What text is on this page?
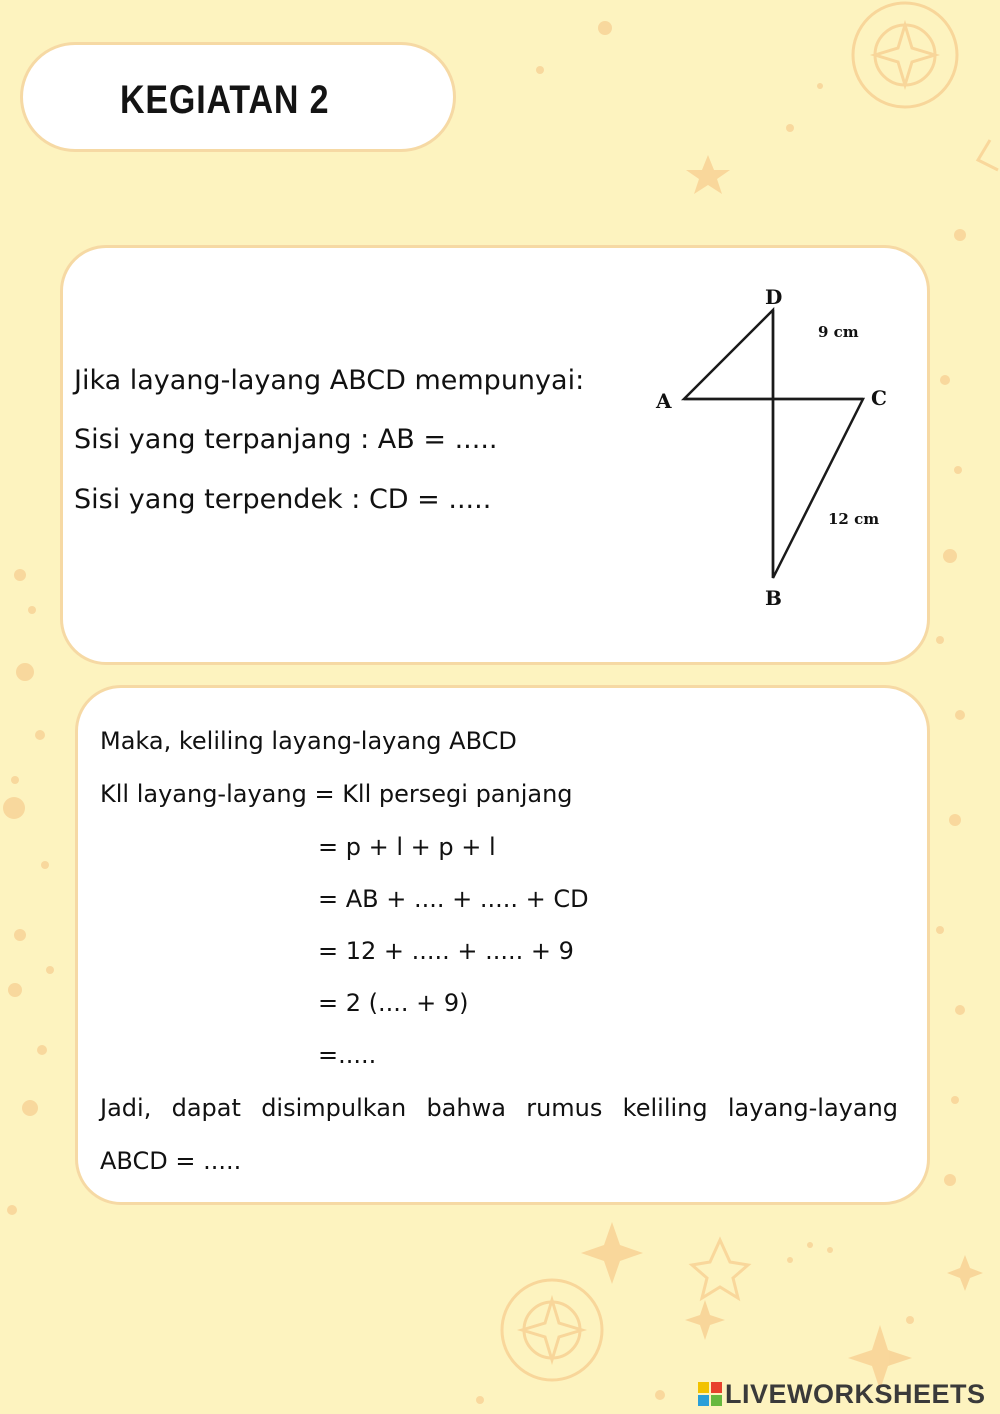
KEGIATAN 2
Jika layang-layang ABCD mempunyai:
Sisi yang terpanjang : AB = .....
Sisi yang terpendek : CD = .....
D
A	C
B
9 cm
12 cm
Maka, keliling layang-layang ABCD
Kll layang-layang = Kll persegi panjang
= p + l + p + l
= AB + .... + ..... + CD
= 12 + ..... + ..... + 9
= 2 (.... + 9)
=.....
Jadi, dapat disimpulkan bahwa rumus keliling layang-layang
ABCD = .....
LIVEWORKSHEETS
